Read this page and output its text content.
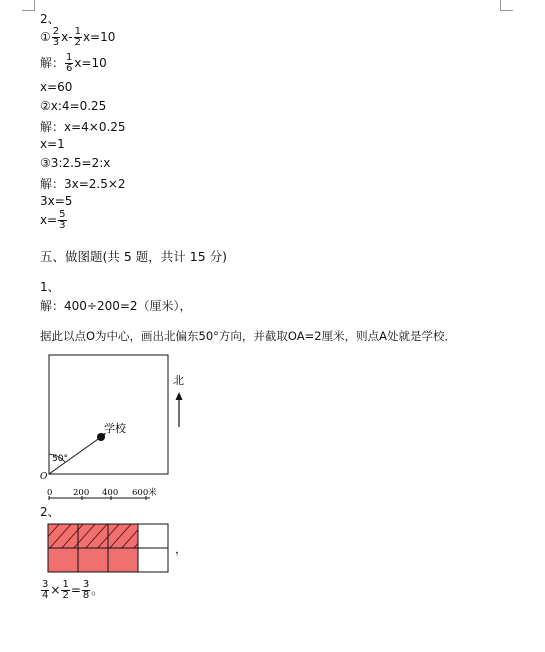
2、
① $\frac{2}{3} x- \frac{1}{2} x=10$
解： $\frac{1}{6} x=10$
x=60
②x:4=0.25
解：x=4×0.25
x=1
③3:2.5=2:x
解：3x=2.5×2
3x=5
$x= \frac{5}{3}$
五、做图题(共 5 题，共计 15 分)
1、
解：400÷200=2（厘米），
据此以点O为中心，画出北偏东50°方向，并截取OA=2厘米，则点A处就是学校．
北
学校
50°
O
0 200 400 600米
2、
，
$\frac{3}{4} \times \frac{1}{2} = \frac{3}{8}$ 。
